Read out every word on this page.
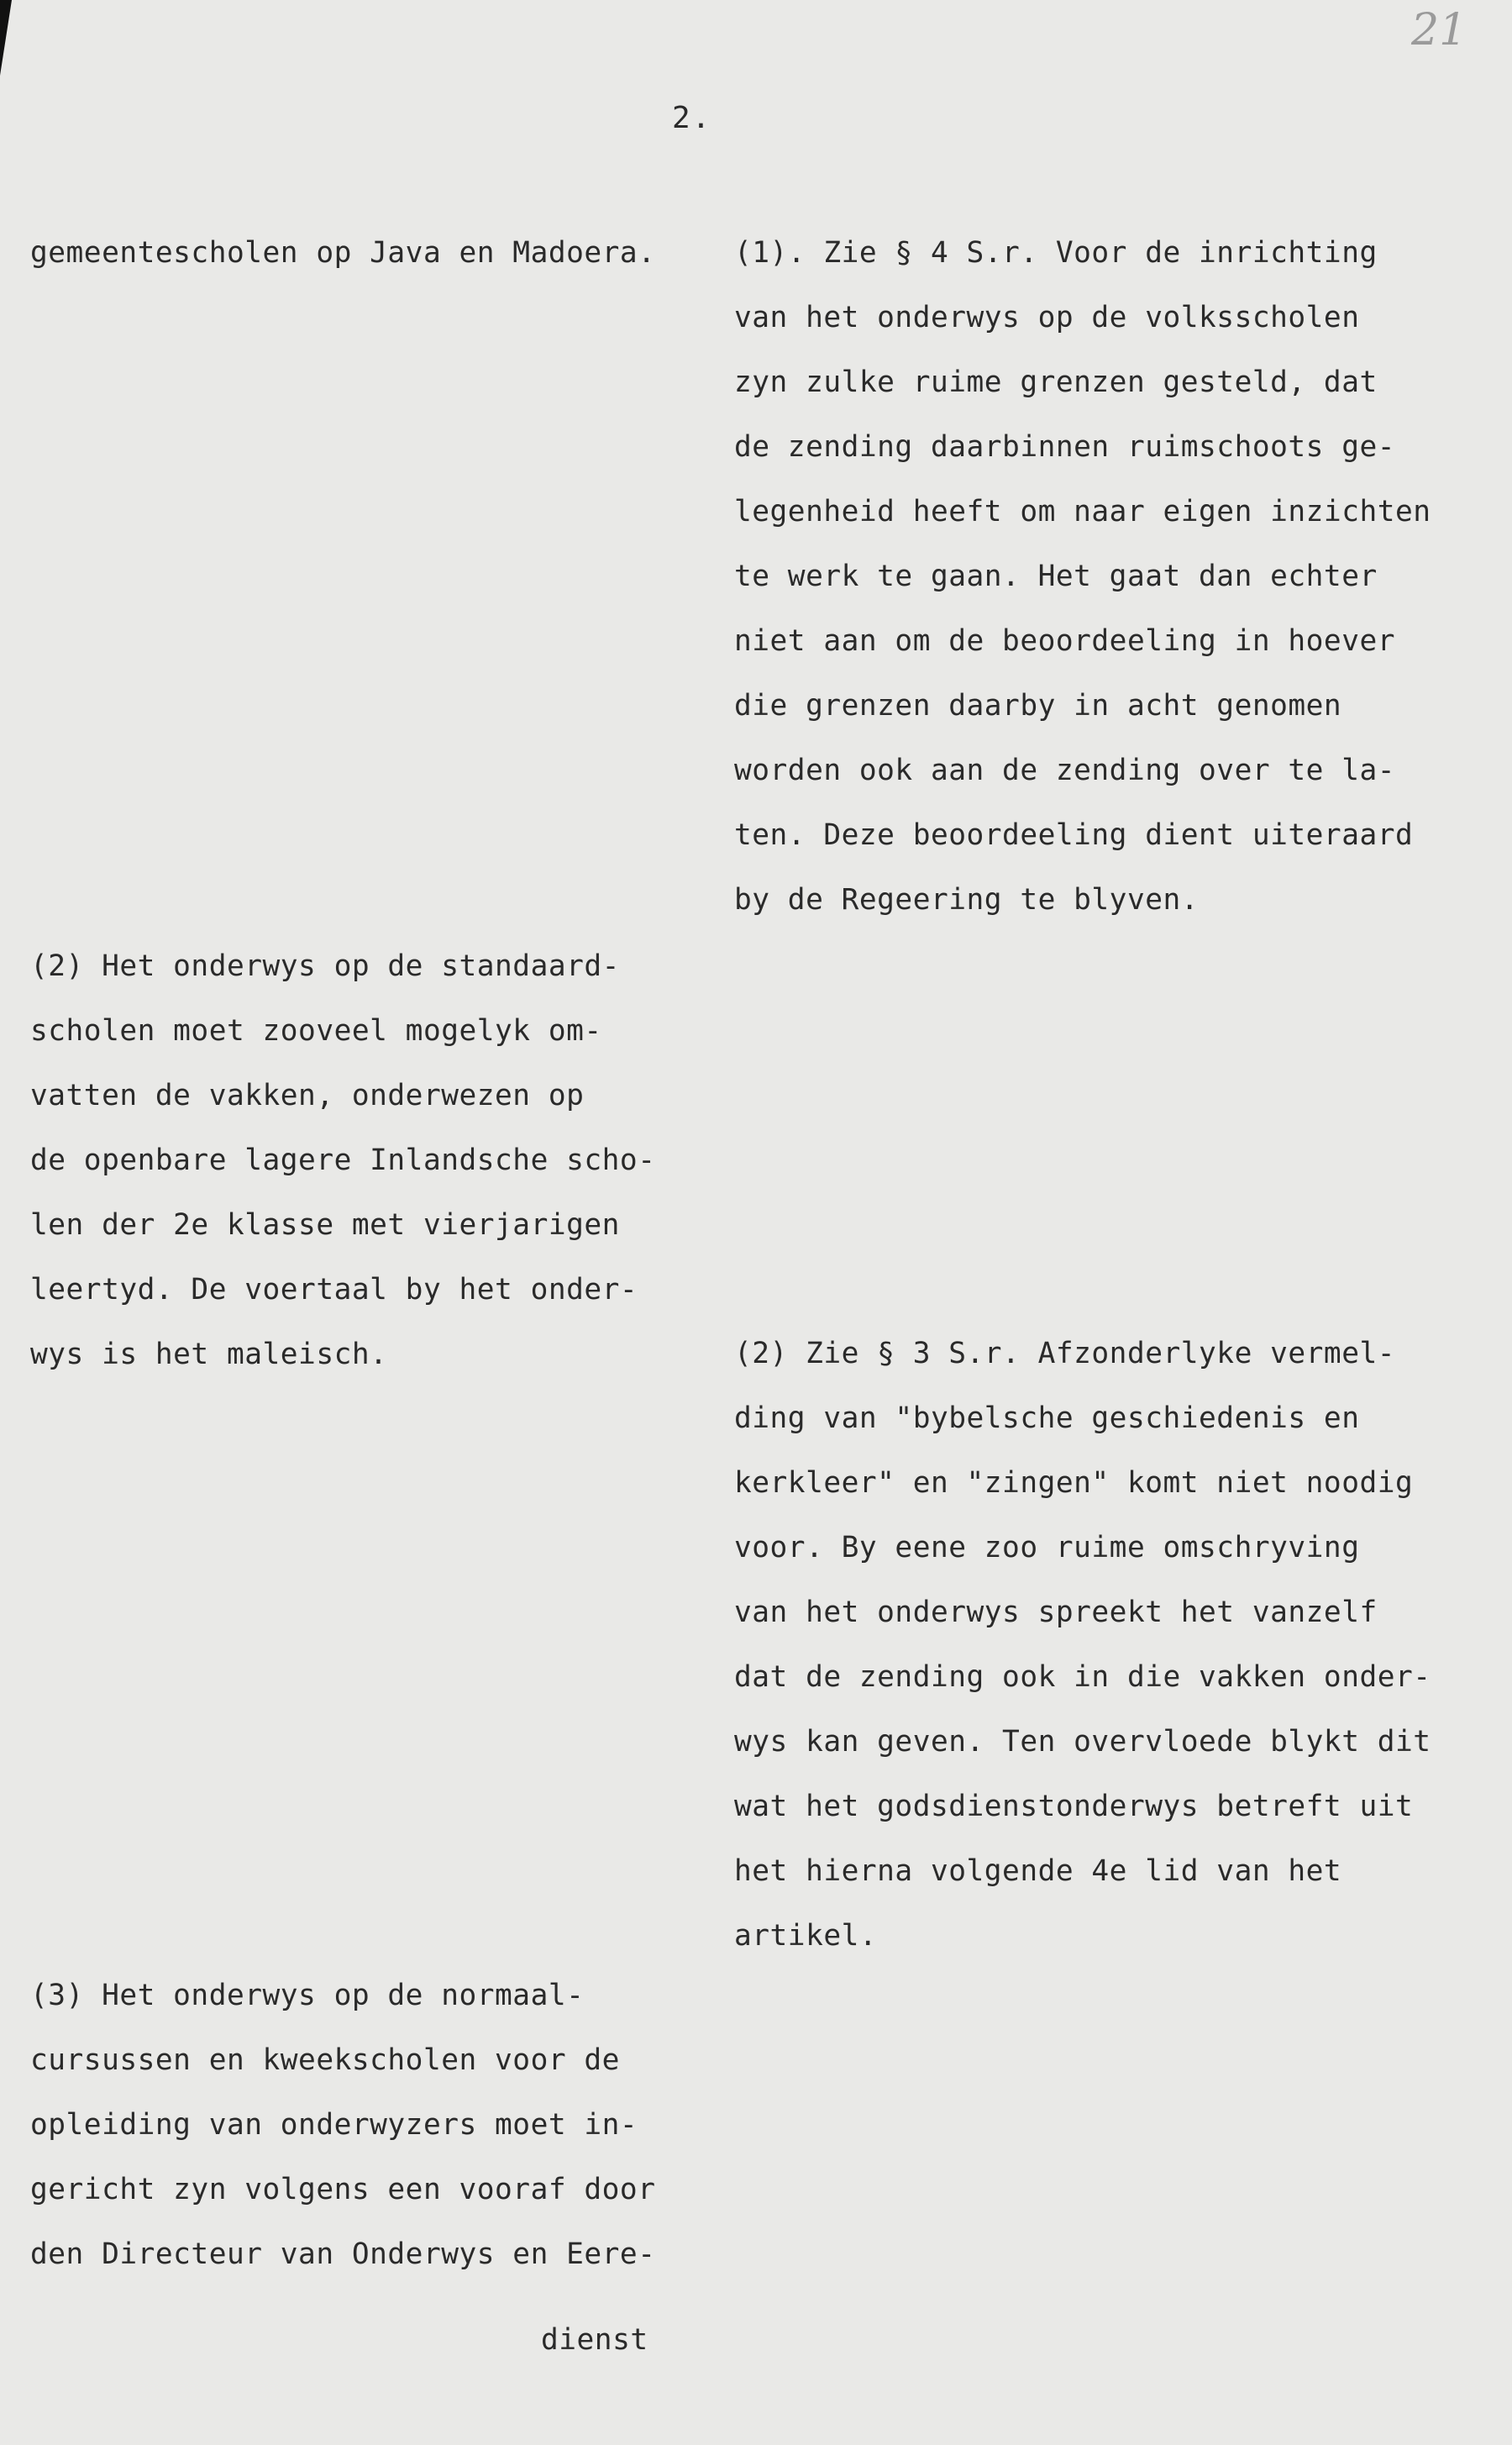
21
2.
gemeentescholen op Java en Madoera.
(2) Het onderwys op de standaard-
scholen moet zooveel mogelyk om-
vatten de vakken, onderwezen op
de openbare lagere Inlandsche scho-
len der 2e klasse met vierjarigen
leertyd. De voertaal by het onder-
wys is het maleisch.
(3) Het onderwys op de normaal-
cursussen en kweekscholen voor de
opleiding van onderwyzers moet in-
gericht zyn volgens een vooraf door
den Directeur van Onderwys en Eere-
(1). Zie § 4 S.r. Voor de inrichting
van het onderwys op de volksscholen
zyn zulke ruime grenzen gesteld, dat
de zending daarbinnen ruimschoots ge-
legenheid heeft om naar eigen inzichten
te werk te gaan. Het gaat dan echter
niet aan om de beoordeeling in hoever
die grenzen daarby in acht genomen
worden ook aan de zending over te la-
ten. Deze beoordeeling dient uiteraard
by de Regeering te blyven.
(2) Zie § 3 S.r. Afzonderlyke vermel-
ding van "bybelsche geschiedenis en
kerkleer" en "zingen" komt niet noodig
voor. By eene zoo ruime omschryving
van het onderwys spreekt het vanzelf
dat de zending ook in die vakken onder-
wys kan geven. Ten overvloede blykt dit
wat het godsdienstonderwys betreft uit
het hierna volgende 4e lid van het
artikel.
dienst
